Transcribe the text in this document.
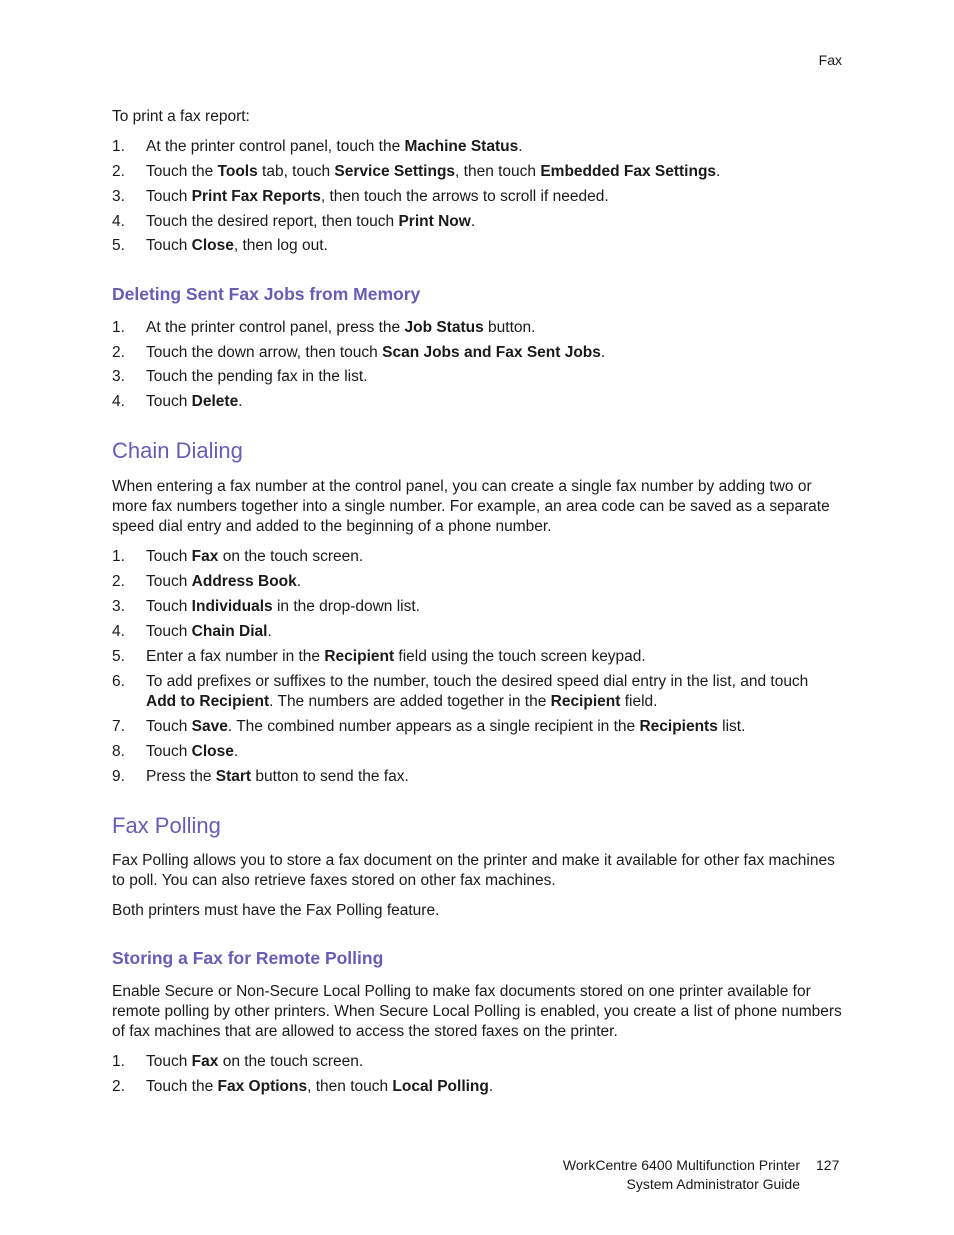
Fax
To print a fax report:
1.	At the printer control panel, touch the Machine Status.
2.	Touch the Tools tab, touch Service Settings, then touch Embedded Fax Settings.
3.	Touch Print Fax Reports, then touch the arrows to scroll if needed.
4.	Touch the desired report, then touch Print Now.
5.	Touch Close, then log out.
Deleting Sent Fax Jobs from Memory
1.	At the printer control panel, press the Job Status button.
2.	Touch the down arrow, then touch Scan Jobs and Fax Sent Jobs.
3.	Touch the pending fax in the list.
4.	Touch Delete.
Chain Dialing
When entering a fax number at the control panel, you can create a single fax number by adding two or more fax numbers together into a single number. For example, an area code can be saved as a separate speed dial entry and added to the beginning of a phone number.
1.	Touch Fax on the touch screen.
2.	Touch Address Book.
3.	Touch Individuals in the drop-down list.
4.	Touch Chain Dial.
5.	Enter a fax number in the Recipient field using the touch screen keypad.
6.	To add prefixes or suffixes to the number, touch the desired speed dial entry in the list, and touch Add to Recipient. The numbers are added together in the Recipient field.
7.	Touch Save. The combined number appears as a single recipient in the Recipients list.
8.	Touch Close.
9.	Press the Start button to send the fax.
Fax Polling
Fax Polling allows you to store a fax document on the printer and make it available for other fax machines to poll. You can also retrieve faxes stored on other fax machines.
Both printers must have the Fax Polling feature.
Storing a Fax for Remote Polling
Enable Secure or Non-Secure Local Polling to make fax documents stored on one printer available for remote polling by other printers. When Secure Local Polling is enabled, you create a list of phone numbers of fax machines that are allowed to access the stored faxes on the printer.
1.	Touch Fax on the touch screen.
2.	Touch the Fax Options, then touch Local Polling.
WorkCentre 6400 Multifunction Printer
System Administrator Guide
127
